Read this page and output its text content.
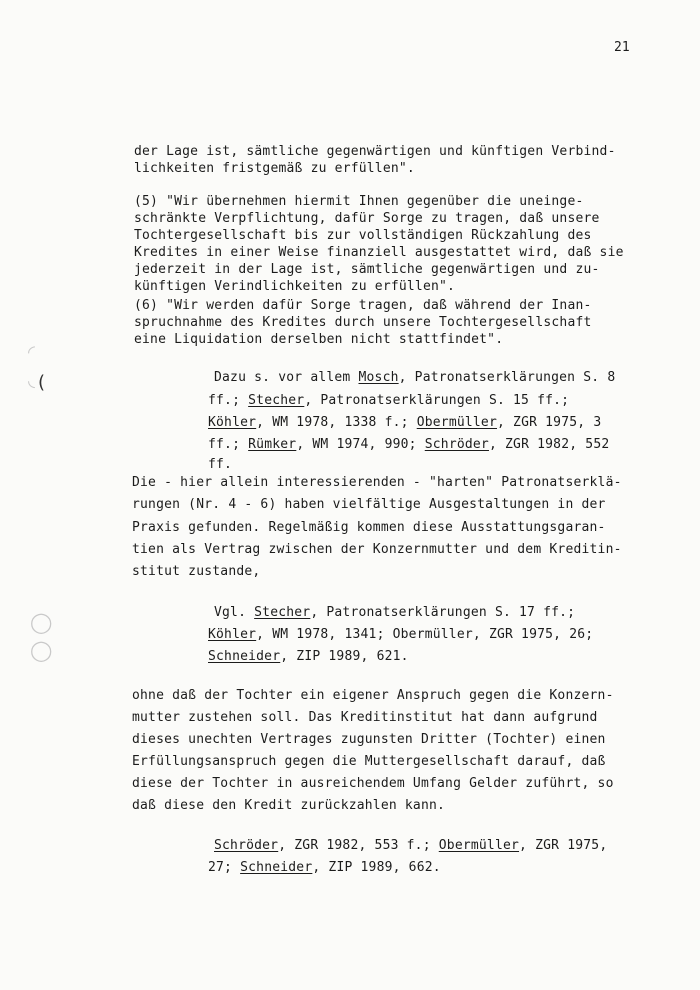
21
der Lage ist, sämtliche gegenwärtigen und künftigen Verbind-
lichkeiten fristgemäß zu erfüllen".
(5) "Wir übernehmen hiermit Ihnen gegenüber die uneinge-
schränkte Verpflichtung, dafür Sorge zu tragen, daß unsere
Tochtergesellschaft bis zur vollständigen Rückzahlung des
Kredites in einer Weise finanziell ausgestattet wird, daß sie
jederzeit in der Lage ist, sämtliche gegenwärtigen und zu-
künftigen Verindlichkeiten zu erfüllen".
(6) "Wir werden dafür Sorge tragen, daß während der Inan-
spruchnahme des Kredites durch unsere Tochtergesellschaft
eine Liquidation derselben nicht stattfindet".
Dazu s. vor allem Mosch, Patronatserklärungen S. 8
ff.; Stecher, Patronatserklärungen S. 15 ff.;
Köhler, WM 1978, 1338 f.; Obermüller, ZGR 1975, 3
ff.; Rümker, WM 1974, 990; Schröder, ZGR 1982, 552
ff.
Die - hier allein interessierenden - "harten" Patronatserklä-
rungen (Nr. 4 - 6) haben vielfältige Ausgestaltungen in der
Praxis gefunden. Regelmäßig kommen diese Ausstattungsgaran-
tien als Vertrag zwischen der Konzernmutter und dem Kreditin-
stitut zustande,
Vgl. Stecher, Patronatserklärungen S. 17 ff.;
Köhler, WM 1978, 1341; Obermüller, ZGR 1975, 26;
Schneider, ZIP 1989, 621.
ohne daß der Tochter ein eigener Anspruch gegen die Konzern-
mutter zustehen soll. Das Kreditinstitut hat dann aufgrund
dieses unechten Vertrages zugunsten Dritter (Tochter) einen
Erfüllungsanspruch gegen die Muttergesellschaft darauf, daß
diese der Tochter in ausreichendem Umfang Gelder zuführt, so
daß diese den Kredit zurückzahlen kann.
Schröder, ZGR 1982, 553 f.; Obermüller, ZGR 1975,
27; Schneider, ZIP 1989, 662.
◜
◟ (
◯
◯
